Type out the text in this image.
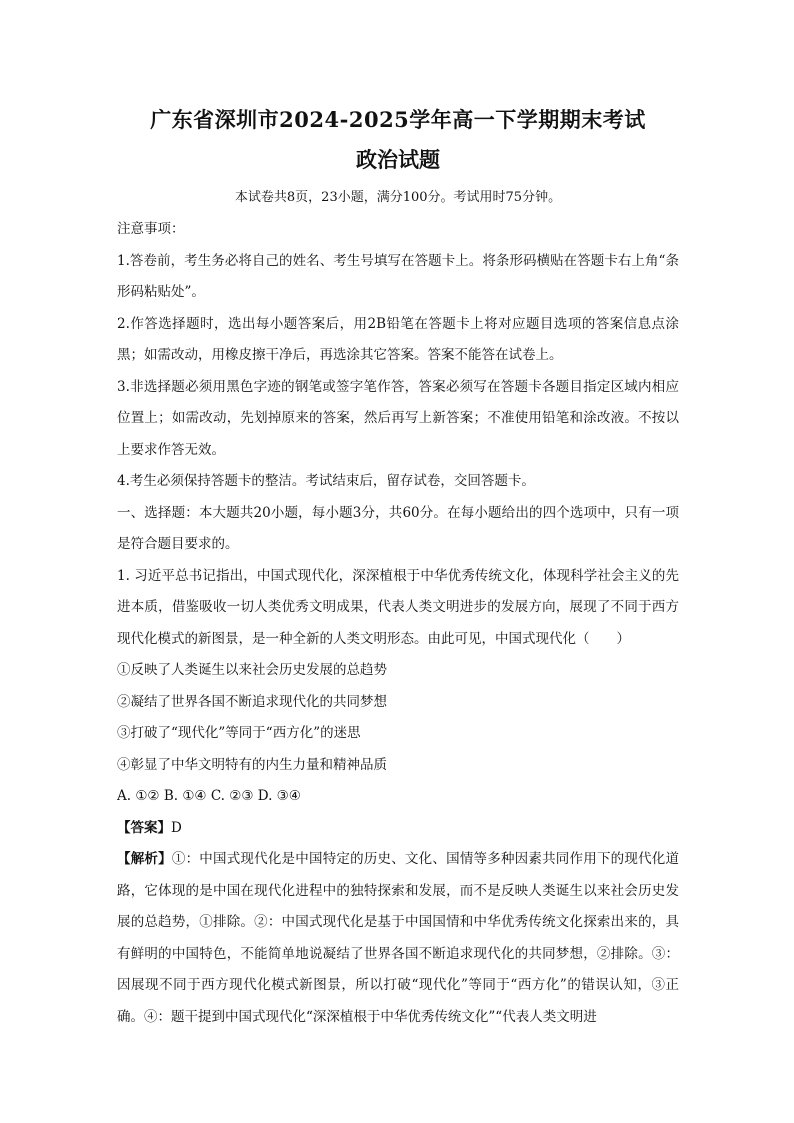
广东省深圳市2024-2025学年高一下学期期末考试
政治试题

本试卷共8页，23小题，满分100分。考试用时75分钟。

注意事项：

1.答卷前，考生务必将自己的姓名、考生号填写在答题卡上。将条形码横贴在答题卡右上角“条形码粘贴处”。

2.作答选择题时，选出每小题答案后，用2B铅笔在答题卡上将对应题目选项的答案信息点涂黑；如需改动，用橡皮擦干净后，再选涂其它答案。答案不能答在试卷上。

3.非选择题必须用黑色字迹的钢笔或签字笔作答，答案必须写在答题卡各题目指定区域内相应位置上；如需改动，先划掉原来的答案，然后再写上新答案；不准使用铅笔和涂改液。不按以上要求作答无效。

4.考生必须保持答题卡的整洁。考试结束后，留存试卷，交回答题卡。

一、选择题：本大题共20小题，每小题3分，共60分。在每小题给出的四个选项中，只有一项是符合题目要求的。

1. 习近平总书记指出，中国式现代化，深深植根于中华优秀传统文化，体现科学社会主义的先进本质，借鉴吸收一切人类优秀文明成果，代表人类文明进步的发展方向，展现了不同于西方现代化模式的新图景，是一种全新的人类文明形态。由此可见，中国式现代化（　　）

①反映了人类诞生以来社会历史发展的总趋势

②凝结了世界各国不断追求现代化的共同梦想

③打破了“现代化”等同于“西方化”的迷思

④彰显了中华文明特有的内生力量和精神品质

A. ①② B. ①④ C. ②③ D. ③④

【答案】D

【解析】①：中国式现代化是中国特定的历史、文化、国情等多种因素共同作用下的现代化道路，它体现的是中国在现代化进程中的独特探索和发展，而不是反映人类诞生以来社会历史发展的总趋势，①排除。②：中国式现代化是基于中国国情和中华优秀传统文化探索出来的，具有鲜明的中国特色，不能简单地说凝结了世界各国不断追求现代化的共同梦想，②排除。③：因展现不同于西方现代化模式新图景，所以打破“现代化”等同于“西方化”的错误认知，③正确。④：题干提到中国式现代化“深深植根于中华优秀传统文化”“代表人类文明进
